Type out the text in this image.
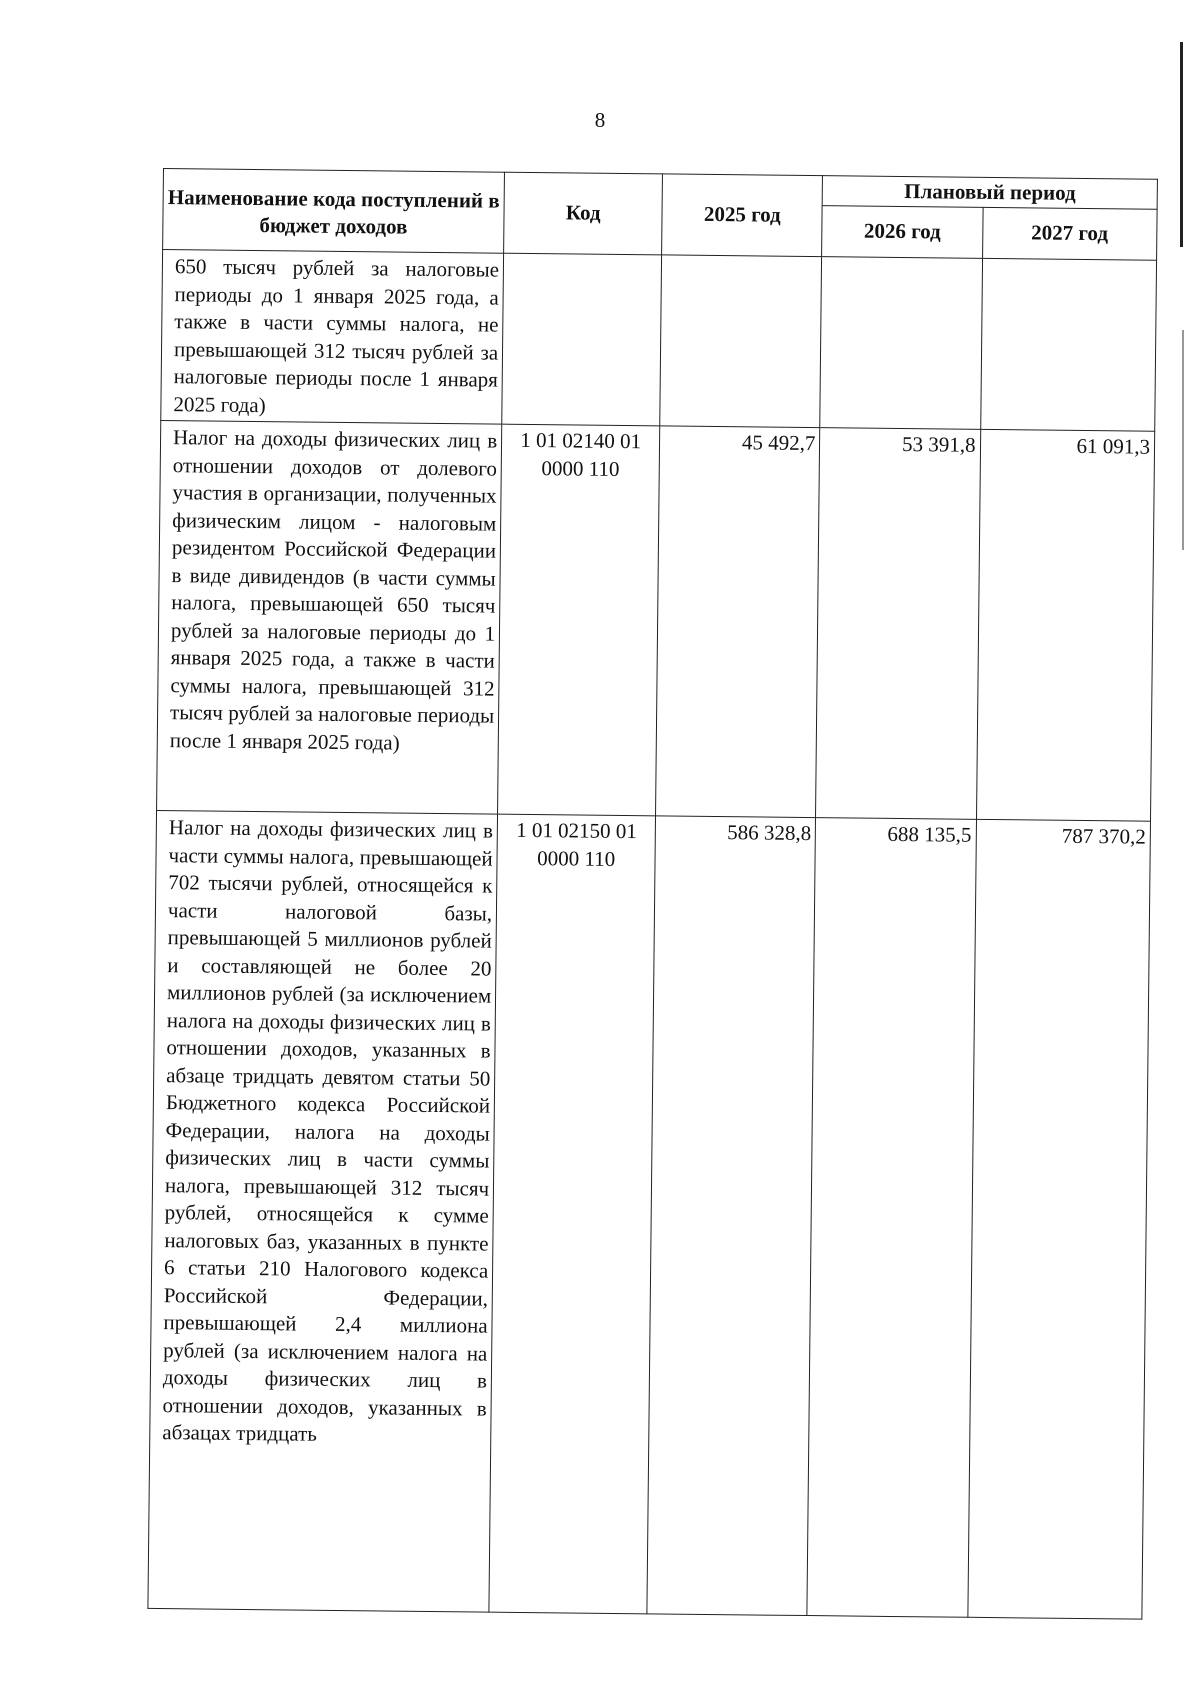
8
Наименование кода поступлений в бюджет доходов	Код	2025 год	Плановый период	
			2026 год	2027 год
650 тысяч рублей за налоговые периоды до 1 января 2025 года, а также в части суммы налога, не превышающей 312 тысяч рублей за налоговые периоды после 1 января 2025 года)				
Налог на доходы физических лиц в отношении доходов от долевого участия в организации, полученных физическим лицом - налоговым резидентом Российской Федерации в виде дивидендов (в части суммы налога, превышающей 650 тысяч рублей за налоговые периоды до 1 января 2025 года, а также в части суммы налога, превышающей 312 тысяч рублей за налоговые периоды после 1 января 2025 года)	1 01 02140 01 0000 110	45 492,7	53 391,8	61 091,3
Налог на доходы физических лиц в части суммы налога, превышающей 702 тысячи рублей, относящейся к части налоговой базы, превышающей 5 миллионов рублей и составляющей не более 20 миллионов рублей (за исключением налога на доходы физических лиц в отношении доходов, указанных в абзаце тридцать девятом статьи 50 Бюджетного кодекса Российской Федерации, налога на доходы физических лиц в части суммы налога, превышающей 312 тысяч рублей, относящейся к сумме налоговых баз, указанных в пункте 6 статьи 210 Налогового кодекса Российской Федерации, превышающей 2,4 миллиона рублей (за исключением налога на доходы физических лиц в отношении доходов, указанных в абзацах тридцать	1 01 02150 01 0000 110	586 328,8	688 135,5	787 370,2
